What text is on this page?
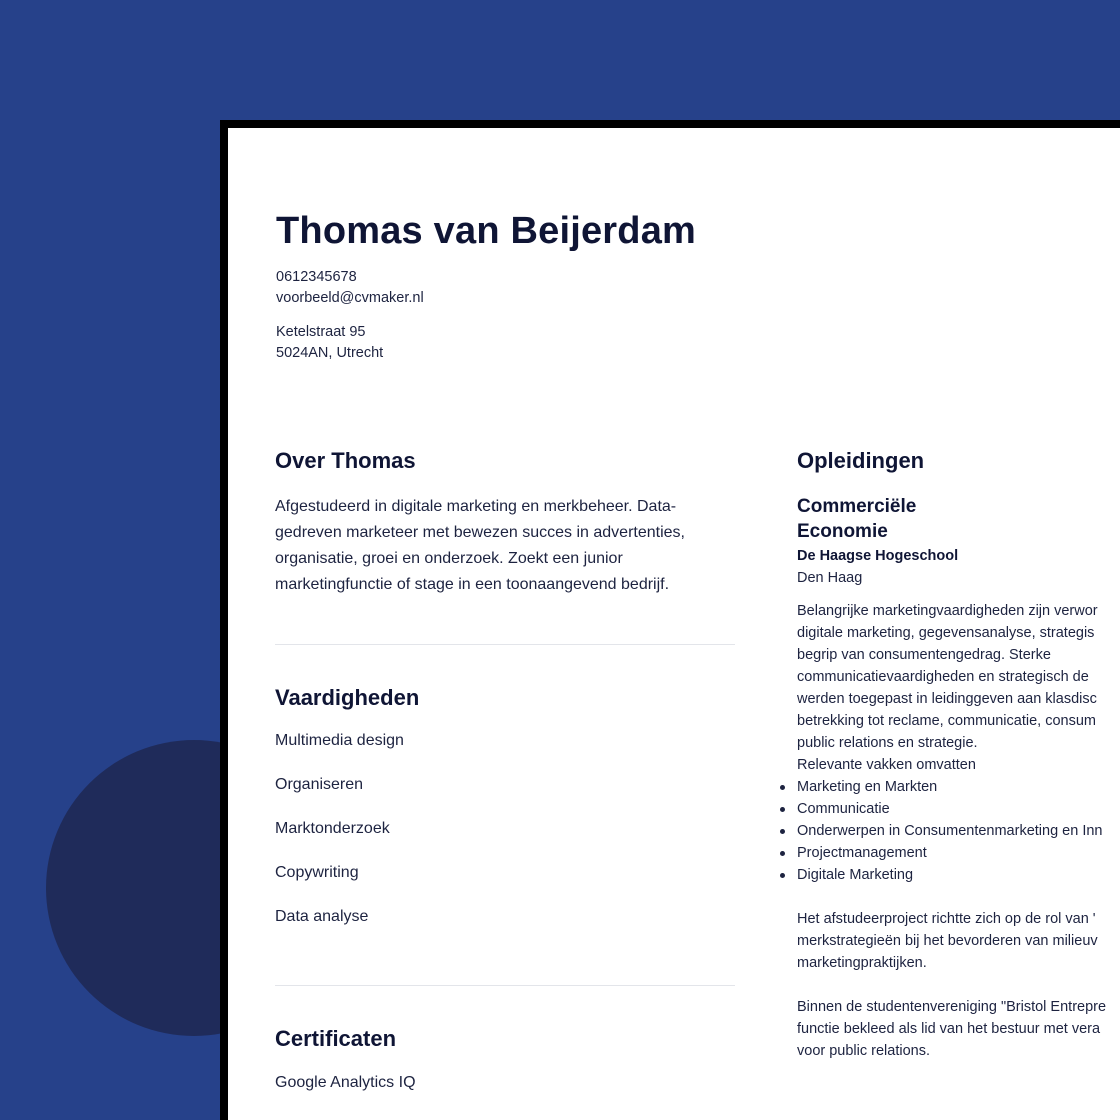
Thomas van Beijerdam
0612345678
voorbeeld@cvmaker.nl
Ketelstraat 95
5024AN, Utrecht
Over Thomas

Afgestudeerd in digitale marketing en merkbeheer. Data-gedreven marketeer met bewezen succes in advertenties, organisatie, groei en onderzoek. Zoekt een junior marketingfunctie of stage in een toonaangevend bedrijf.

Vaardigheden
Multimedia design
Organiseren
Marktonderzoek
Copywriting
Data analyse
Certificaten
Google Analytics IQ
Opleidingen
Commerciële Economie
De Haagse Hogeschool
Den Haag
Belangrijke marketingvaardigheden zijn verwor
digitale marketing, gegevensanalyse, strategis
begrip van consumentengedrag. Sterke
communicatievaardigheden en strategisch de
werden toegepast in leidinggeven aan klasdisc
betrekking tot reclame, communicatie, consum
public relations en strategie.
Relevante vakken omvatten
Marketing en Markten
Communicatie
Onderwerpen in Consumentenmarketing en Inn
Projectmanagement
Digitale Marketing
Het afstudeerproject richtte zich op de rol van '
merkstrategieën bij het bevorderen van milieuv
marketingpraktijken.
Binnen de studentenvereniging "Bristol Entrepre
functie bekleed als lid van het bestuur met vera
voor public relations.
